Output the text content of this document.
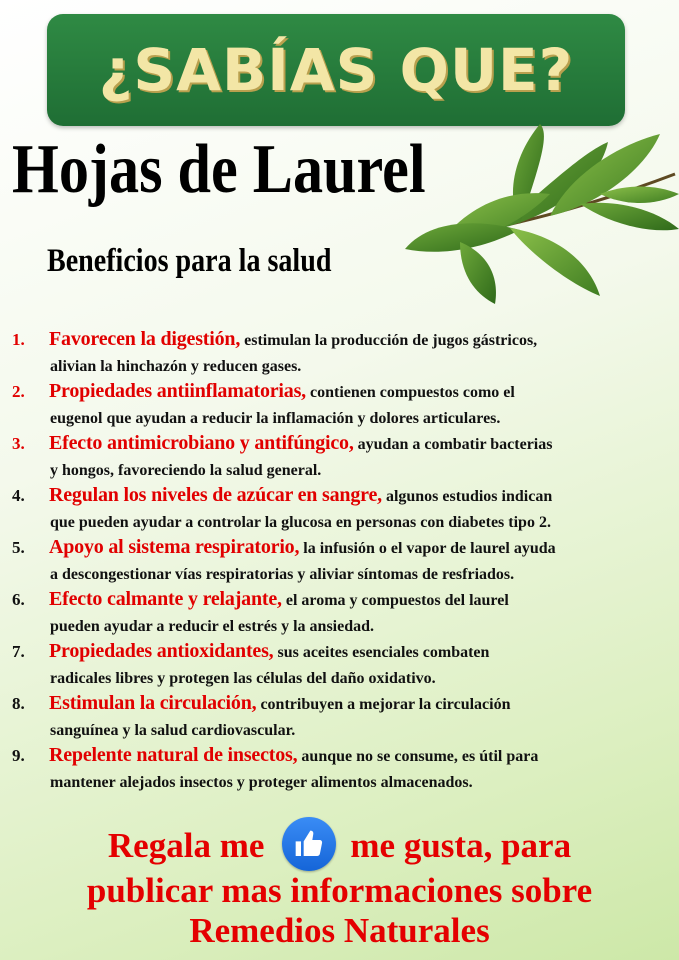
¿SABÍAS QUE?
Hojas de Laurel
Beneficios para la salud
1. Favorecen la digestión, estimulan la producción de jugos gástricos,
alivian la hinchazón y reducen gases.
2. Propiedades antiinflamatorias, contienen compuestos como el
eugenol que ayudan a reducir la inflamación y dolores articulares.
3. Efecto antimicrobiano y antifúngico, ayudan a combatir bacterias
y hongos, favoreciendo la salud general.
4. Regulan los niveles de azúcar en sangre, algunos estudios indican
que pueden ayudar a controlar la glucosa en personas con diabetes tipo 2.
5. Apoyo al sistema respiratorio, la infusión o el vapor de laurel ayuda
a descongestionar vías respiratorias y aliviar síntomas de resfriados.
6. Efecto calmante y relajante, el aroma y compuestos del laurel
pueden ayudar a reducir el estrés y la ansiedad.
7. Propiedades antioxidantes, sus aceites esenciales combaten
radicales libres y protegen las células del daño oxidativo.
8. Estimulan la circulación, contribuyen a mejorar la circulación
sanguínea y la salud cardiovascular.
9. Repelente natural de insectos, aunque no se consume, es útil para
mantener alejados insectos y proteger alimentos almacenados.
Regala me me gusta, para
publicar mas informaciones sobre
Remedios Naturales
